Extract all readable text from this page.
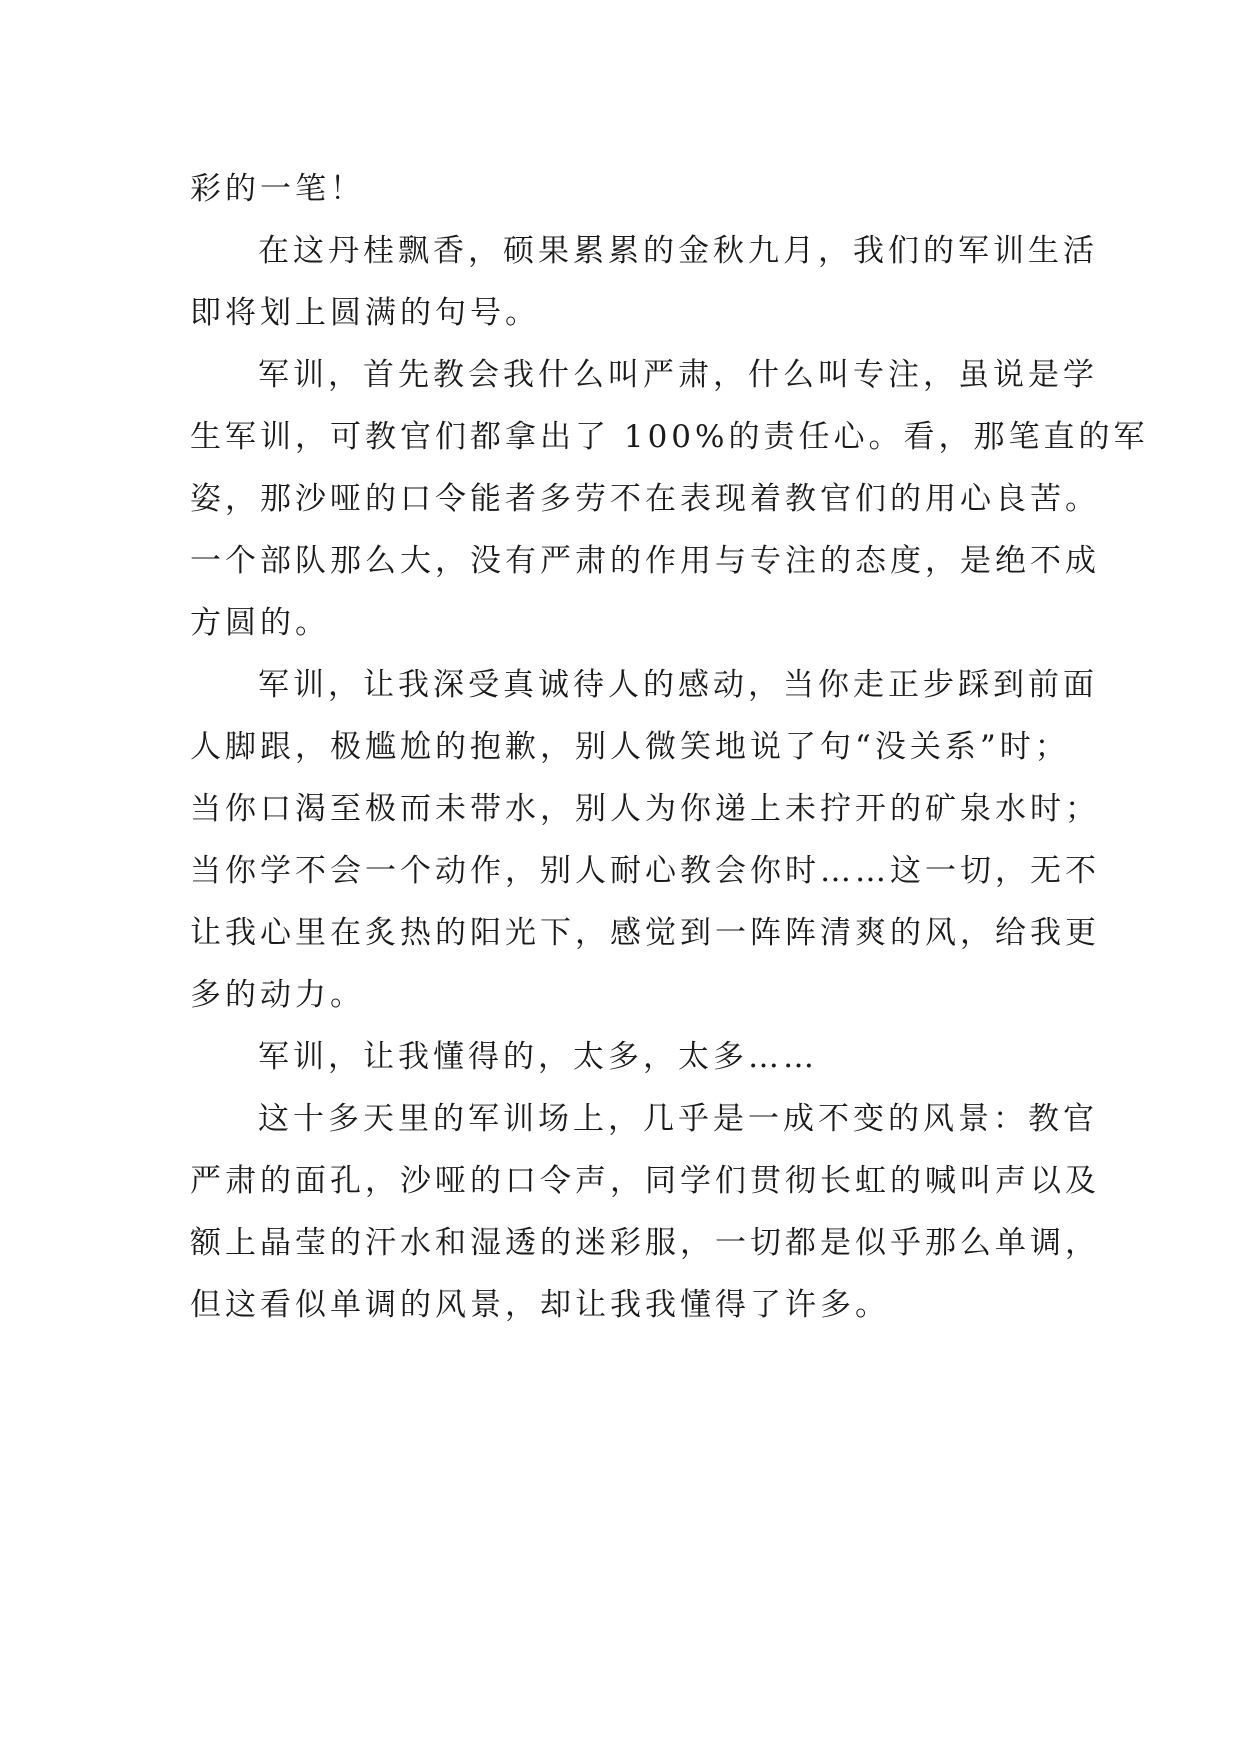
彩的一笔！

在这丹桂飘香，硕果累累的金秋九月，我们的军训生活

即将划上圆满的句号。

军训，首先教会我什么叫严肃，什么叫专注，虽说是学

生军训，可教官们都拿出了 100%的责任心。看，那笔直的军

姿，那沙哑的口令能者多劳不在表现着教官们的用心良苦。

一个部队那么大，没有严肃的作用与专注的态度，是绝不成

方圆的。

军训，让我深受真诚待人的感动，当你走正步踩到前面

人脚跟，极尴尬的抱歉，别人微笑地说了句“没关系”时；

当你口渴至极而未带水，别人为你递上未拧开的矿泉水时；

当你学不会一个动作，别人耐心教会你时……这一切，无不

让我心里在炙热的阳光下，感觉到一阵阵清爽的风，给我更

多的动力。

军训，让我懂得的，太多，太多……

这十多天里的军训场上，几乎是一成不变的风景：教官

严肃的面孔，沙哑的口令声，同学们贯彻长虹的喊叫声以及

额上晶莹的汗水和湿透的迷彩服，一切都是似乎那么单调，

但这看似单调的风景，却让我我懂得了许多。
